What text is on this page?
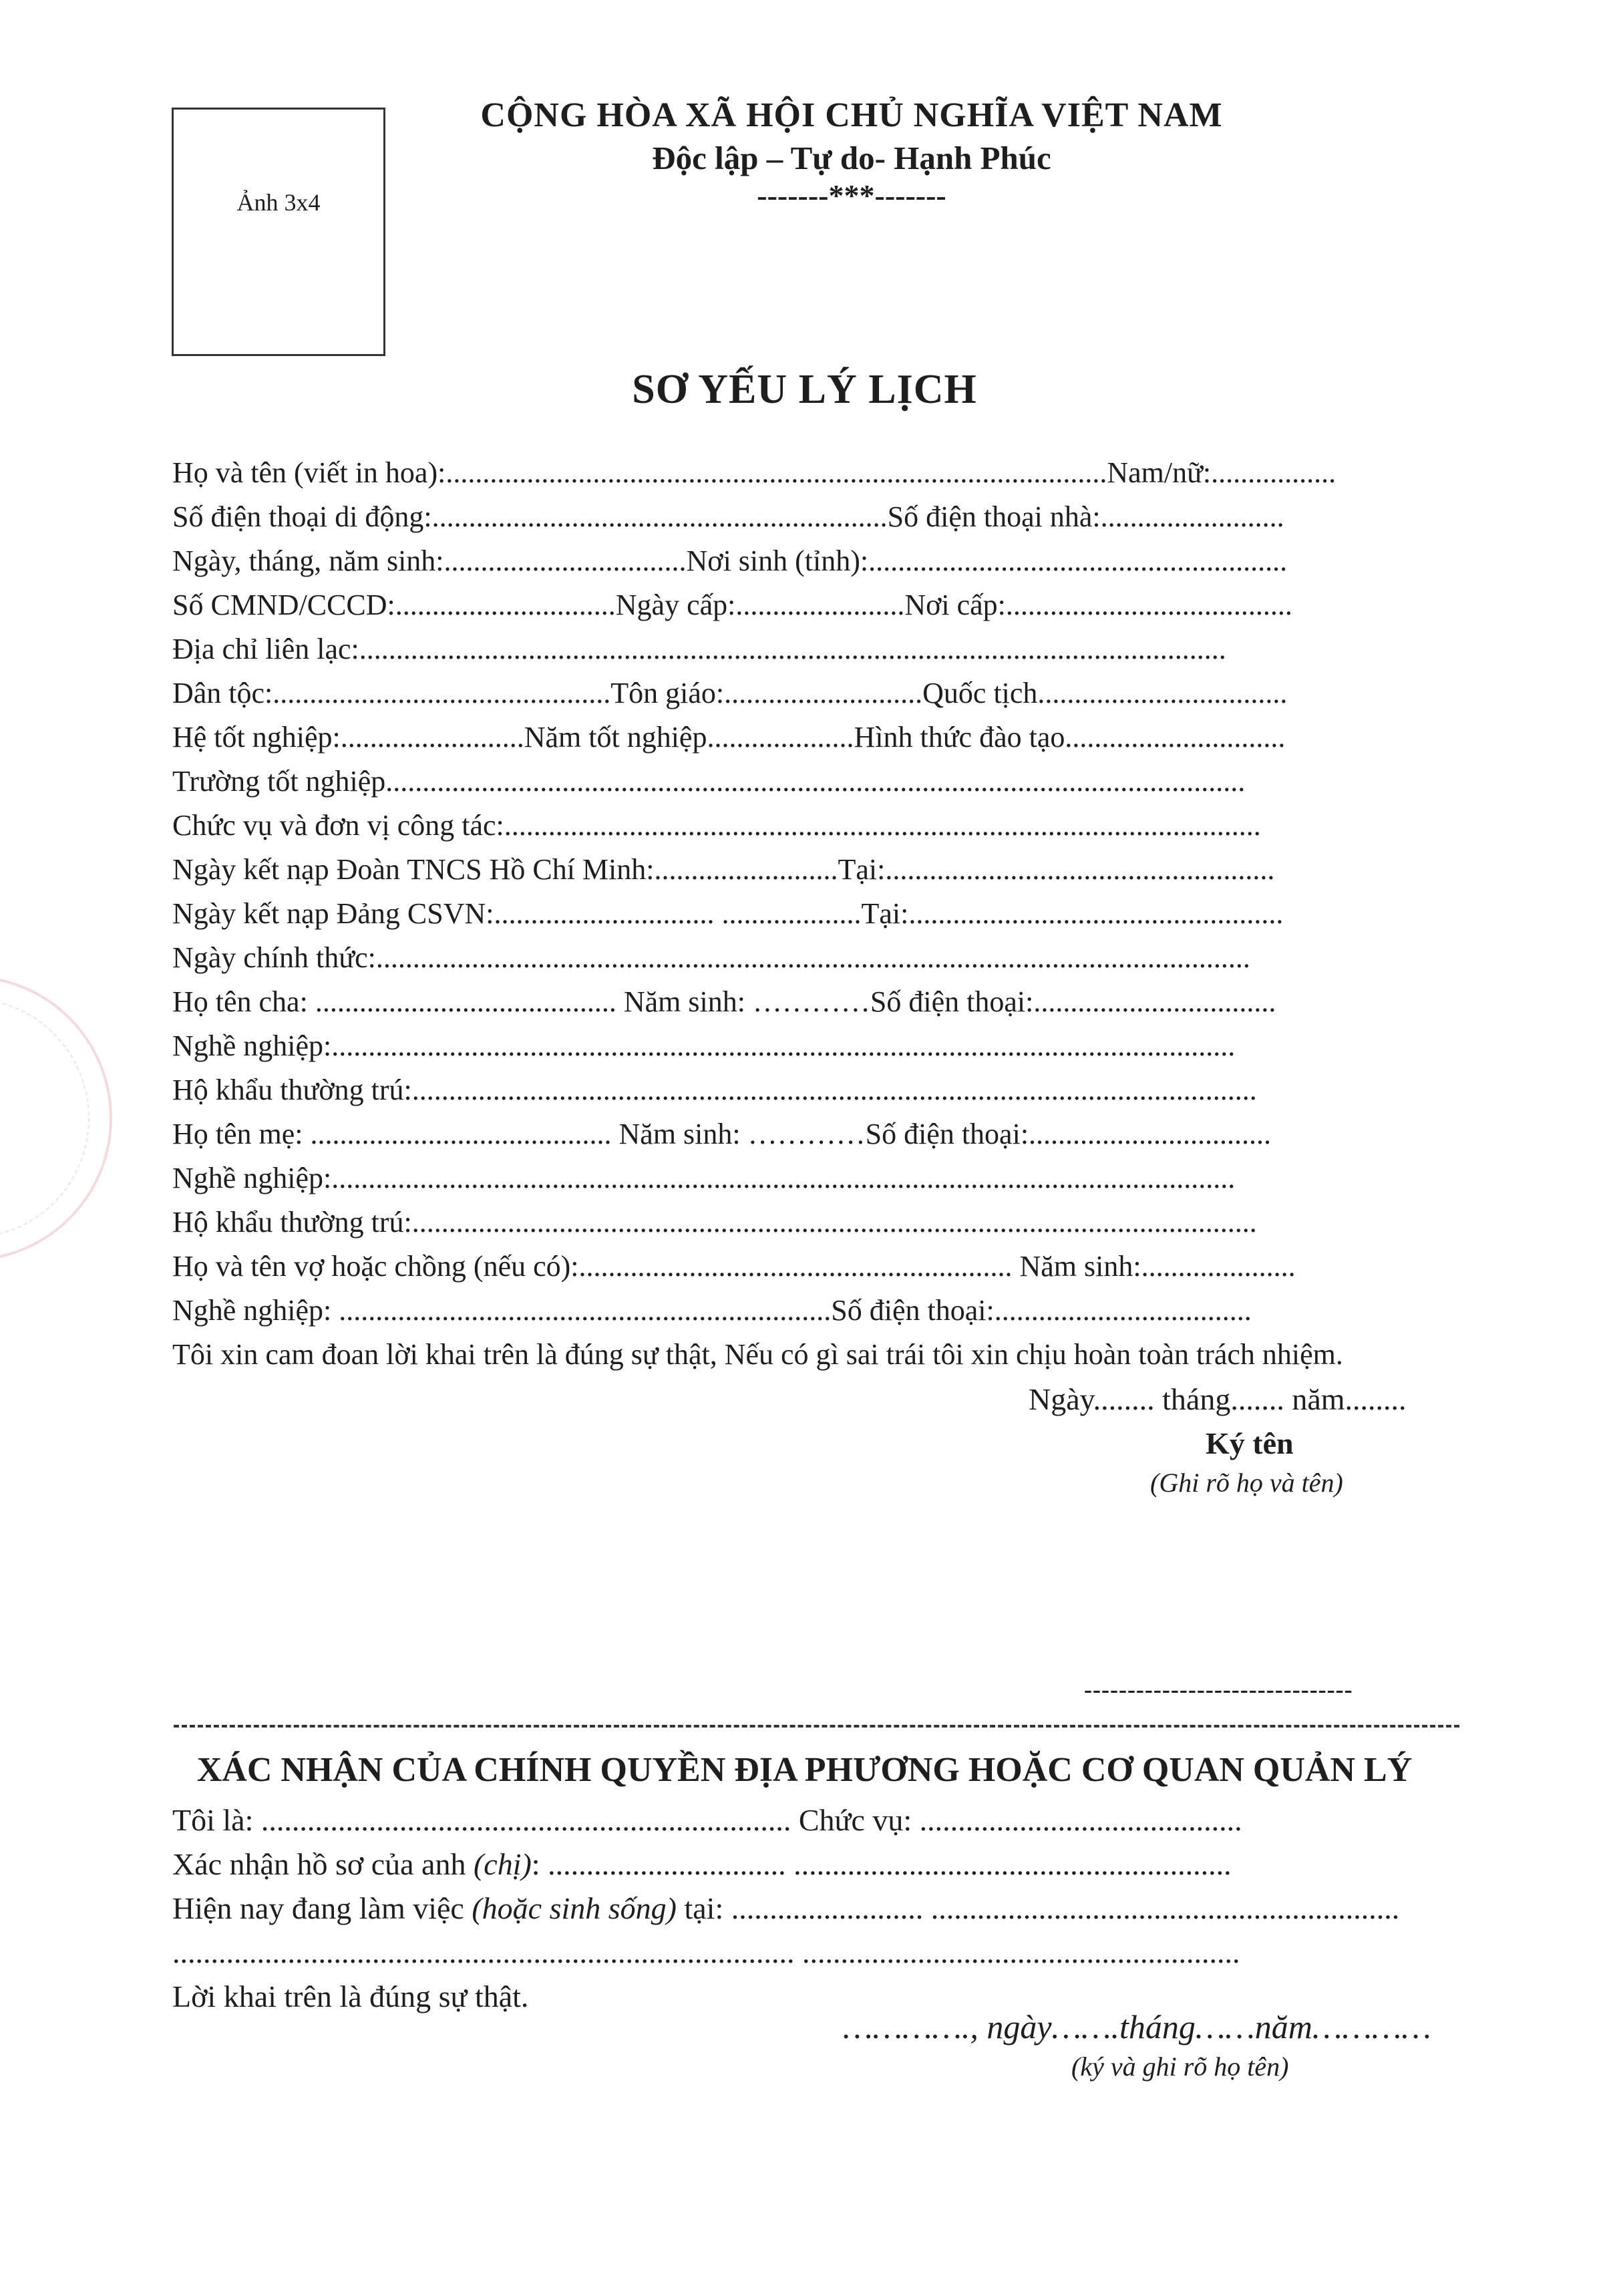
Ảnh 3x4
CỘNG HÒA XÃ HỘI CHỦ NGHĨA VIỆT NAM
Độc lập – Tự do- Hạnh Phúc
-------***-------
SƠ YẾU LÝ LỊCH
Họ và tên (viết in hoa):..........................................................................................Nam/nữ:.................
Số điện thoại di động:..............................................................Số điện thoại nhà:.........................
Ngày, tháng, năm sinh:.................................Nơi sinh (tỉnh):.........................................................
Số CMND/CCCD:..............................Ngày cấp:.......................Nơi cấp:.......................................
Địa chỉ liên lạc:......................................................................................................................
Dân tộc:..............................................Tôn giáo:...........................Quốc tịch..................................
Hệ tốt nghiệp:.........................Năm tốt nghiệp....................Hình thức đào tạo..............................
Trường tốt nghiệp.....................................................................................................................
Chức vụ và đơn vị công tác:.......................................................................................................
Ngày kết nạp Đoàn TNCS Hồ Chí Minh:.........................Tại:.....................................................
Ngày kết nạp Đảng CSVN:.............................. ...................Tại:...................................................
Ngày chính thức:.......................................................................................................................
Họ tên cha: ......................................... Năm sinh: …………Số điện thoại:.................................
Nghề nghiệp:...........................................................................................................................
Hộ khẩu thường trú:...................................................................................................................
Họ tên mẹ: ......................................... Năm sinh: …………Số điện thoại:.................................
Nghề nghiệp:...........................................................................................................................
Hộ khẩu thường trú:...................................................................................................................
Họ và tên vợ hoặc chồng (nếu có):........................................................... Năm sinh:.....................
Nghề nghiệp: ...................................................................Số điện thoại:...................................
Tôi xin cam đoan lời khai trên là đúng sự thật, Nếu có gì sai trái tôi xin chịu hoàn toàn trách nhiệm.
Ngày........ tháng....... năm........
Ký tên
(Ghi rõ họ và tên)
-------------------------------
XÁC NHẬN CỦA CHÍNH QUYỀN ĐỊA PHƯƠNG HOẶC CƠ QUAN QUẢN LÝ
Tôi là: ..................................................................... Chức vụ: ..........................................
Xác nhận hồ sơ của anh (chị): ............................... .........................................................
Hiện nay đang làm việc (hoặc sinh sống) tại: ......................... .............................................................
................................................................................. .........................................................
Lời khai trên là đúng sự thật.
…………., ngày…….tháng……năm…………
(ký và ghi rõ họ tên)
